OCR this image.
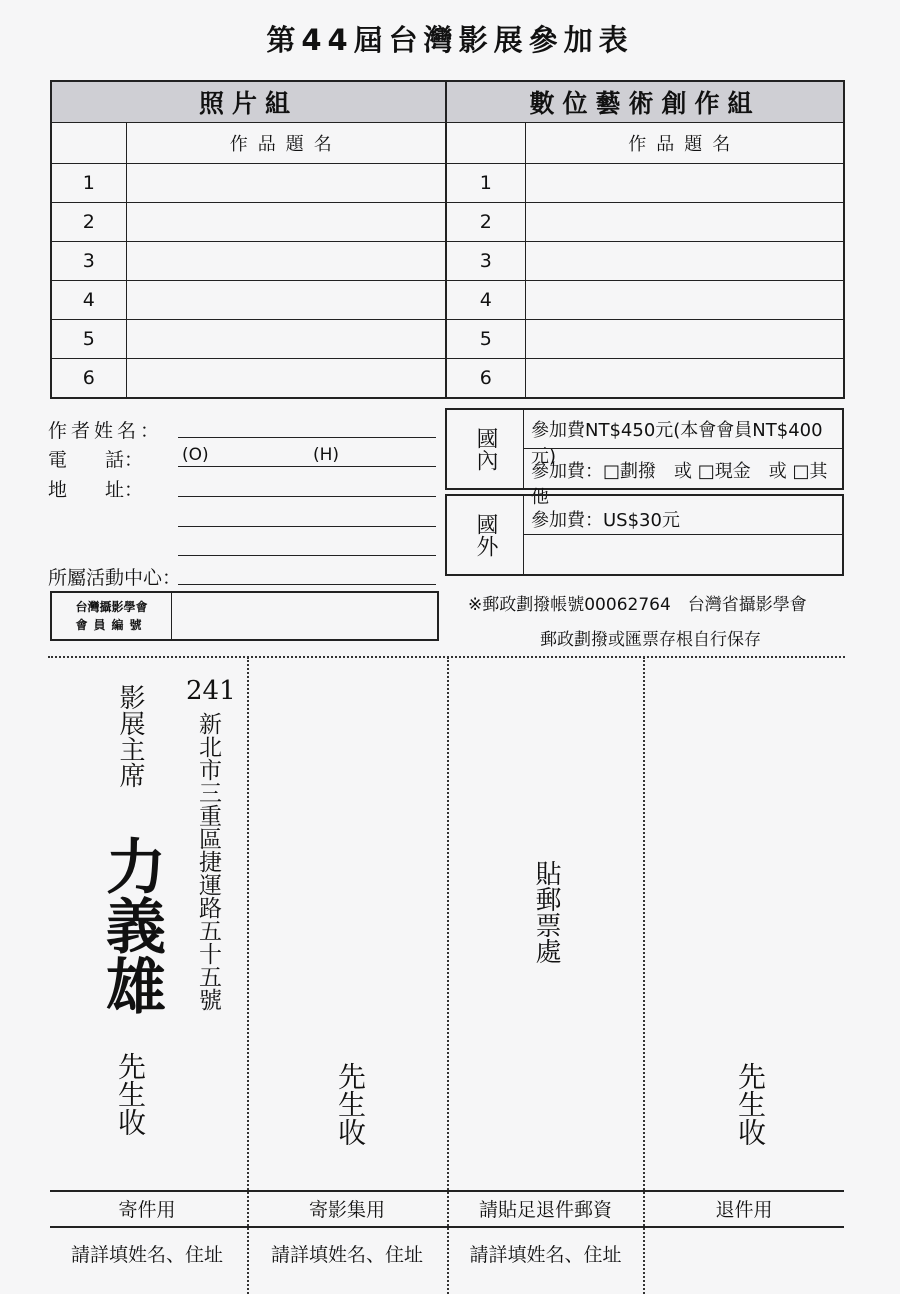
第44屆台灣影展參加表
照片組		數位藝術創作組	
	作品題名		作品題名
1		1	
2		2	
3		3	
4		4	
5		5	
6		6	
作者姓名：
電　　話： (O)	(H)
地　　址：
所屬活動中心：
台灣攝影學會
會員編號
國內	參加費NT$450元(本會會員NT$400元)
參加費：□劃撥　或 □現金　或 □其他
國外	參加費：US$30元
※郵政劃撥帳號00062764　台灣省攝影學會
郵政劃撥或匯票存根自行保存
影展主席
力義雄
先生收
241
新北市三重區捷運路五十五號
先生收
貼郵票處
先生收
寄件用	寄影集用	請貼足退件郵資	退件用
請詳填姓名、住址	請詳填姓名、住址	請詳填姓名、住址
